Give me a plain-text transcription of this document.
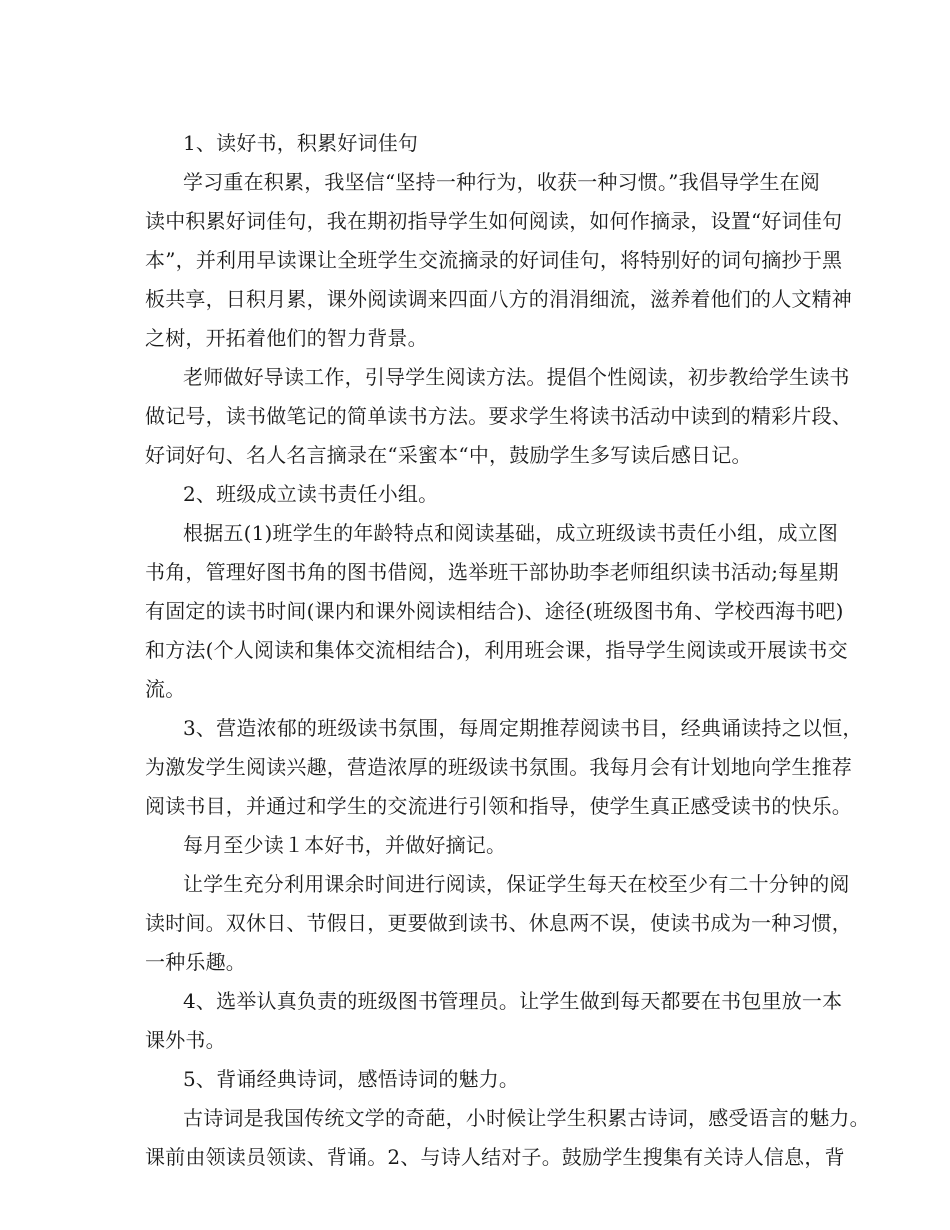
1、读好书，积累好词佳句
学习重在积累，我坚信“坚持一种行为，收获一种习惯。”我倡导学生在阅
读中积累好词佳句，我在期初指导学生如何阅读，如何作摘录，设置“好词佳句
本”，并利用早读课让全班学生交流摘录的好词佳句，将特别好的词句摘抄于黑
板共享，日积月累，课外阅读调来四面八方的涓涓细流，滋养着他们的人文精神
之树，开拓着他们的智力背景。
老师做好导读工作，引导学生阅读方法。提倡个性阅读，初步教给学生读书
做记号，读书做笔记的简单读书方法。要求学生将读书活动中读到的精彩片段、
好词好句、名人名言摘录在“采蜜本“中，鼓励学生多写读后感日记。
2、班级成立读书责任小组。
根据五(1)班学生的年龄特点和阅读基础，成立班级读书责任小组，成立图
书角，管理好图书角的图书借阅，选举班干部协助李老师组织读书活动;每星期
有固定的读书时间(课内和课外阅读相结合)、途径(班级图书角、学校西海书吧)
和方法(个人阅读和集体交流相结合)，利用班会课，指导学生阅读或开展读书交
流。
3、营造浓郁的班级读书氛围，每周定期推荐阅读书目，经典诵读持之以恒，
为激发学生阅读兴趣，营造浓厚的班级读书氛围。我每月会有计划地向学生推荐
阅读书目，并通过和学生的交流进行引领和指导，使学生真正感受读书的快乐。
每月至少读１本好书，并做好摘记。
让学生充分利用课余时间进行阅读，保证学生每天在校至少有二十分钟的阅
读时间。双休日、节假日，更要做到读书、休息两不误，使读书成为一种习惯，
一种乐趣。
4、选举认真负责的班级图书管理员。让学生做到每天都要在书包里放一本
课外书。
5、背诵经典诗词，感悟诗词的魅力。
古诗词是我国传统文学的奇葩，小时候让学生积累古诗词，感受语言的魅力。
课前由领读员领读、背诵。2、与诗人结对子。鼓励学生搜集有关诗人信息，背
